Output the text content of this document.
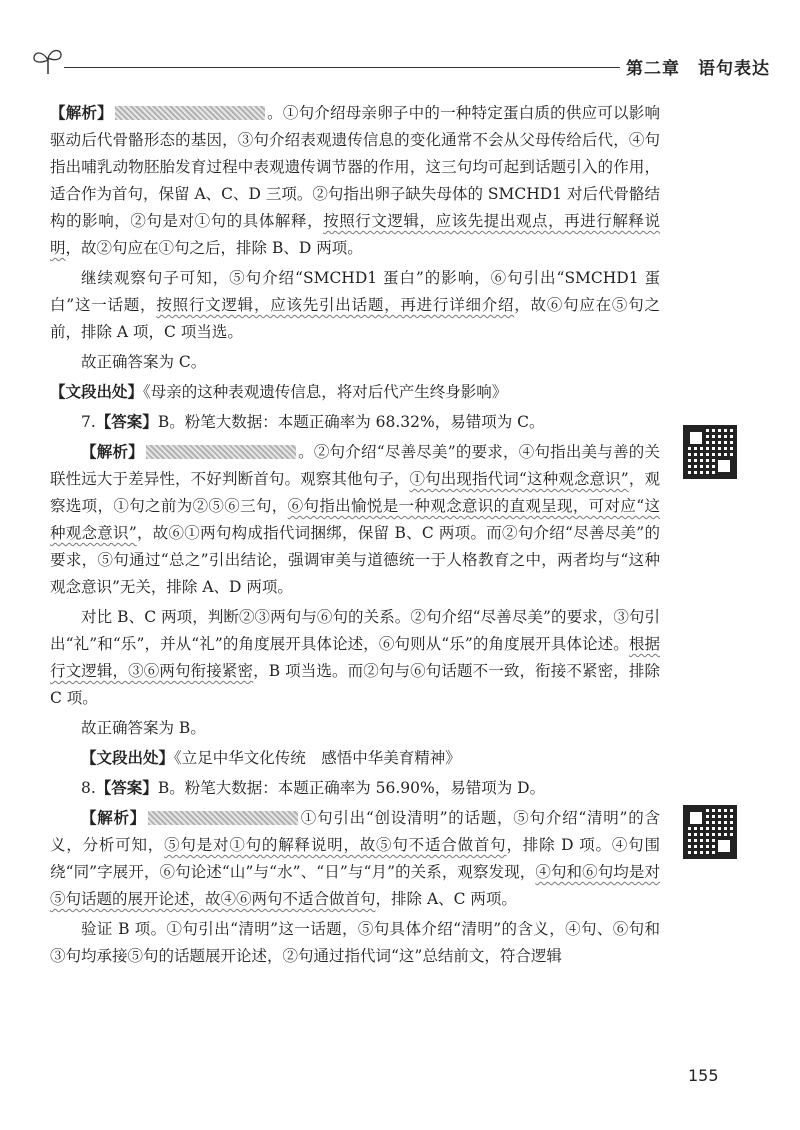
第二章　语句表达

【解析】	。①句介绍母亲卵子中的一种特定蛋白质的供应可以影响驱动后代骨骼形态的基因，③句介绍表观遗传信息的变化通常不会从父母传给后代，④句指出哺乳动物胚胎发育过程中表观遗传调节器的作用，这三句均可起到话题引入的作用，适合作为首句，保留 A、C、D 三项。②句指出卵子缺失母体的 SMCHD1 对后代骨骼结构的影响，②句是对①句的具体解释，按照行文逻辑，应该先提出观点，再进行解释说明，故②句应在①句之后，排除 B、D 两项。

继续观察句子可知，⑤句介绍“SMCHD1 蛋白”的影响，⑥句引出“SMCHD1 蛋白”这一话题，按照行文逻辑，应该先引出话题，再进行详细介绍，故⑥句应在⑤句之前，排除 A 项，C 项当选。

故正确答案为 C。

【文段出处】《母亲的这种表观遗传信息，将对后代产生终身影响》

7.【答案】B。粉笔大数据：本题正确率为 68.32%，易错项为 C。

【解析】	。②句介绍“尽善尽美”的要求，④句指出美与善的关联性远大于差异性，不好判断首句。观察其他句子，①句出现指代词“这种观念意识”，观察选项，①句之前为②⑤⑥三句，⑥句指出愉悦是一种观念意识的直观呈现，可对应“这种观念意识”，故⑥①两句构成指代词捆绑，保留 B、C 两项。而②句介绍“尽善尽美”的要求，⑤句通过“总之”引出结论，强调审美与道德统一于人格教育之中，两者均与“这种观念意识”无关，排除 A、D 两项。

对比 B、C 两项，判断②③两句与⑥句的关系。②句介绍“尽善尽美”的要求，③句引出“礼”和“乐”，并从“礼”的角度展开具体论述，⑥句则从“乐”的角度展开具体论述。根据行文逻辑，③⑥两句衔接紧密，B 项当选。而②句与⑥句话题不一致，衔接不紧密，排除 C 项。

故正确答案为 B。

【文段出处】《立足中华文化传统　感悟中华美育精神》

8.【答案】B。粉笔大数据：本题正确率为 56.90%，易错项为 D。

【解析】	①句引出“创设清明”的话题，⑤句介绍“清明”的含义，分析可知，⑤句是对①句的解释说明，故⑤句不适合做首句，排除 D 项。④句围绕“同”字展开，⑥句论述“山”与“水”、“日”与“月”的关系，观察发现，④句和⑥句均是对⑤句话题的展开论述，故④⑥两句不适合做首句，排除 A、C 两项。

验证 B 项。①句引出“清明”这一话题，⑤句具体介绍“清明”的含义，④句、⑥句和③句均承接⑤句的话题展开论述，②句通过指代词“这”总结前文，符合逻辑

155
